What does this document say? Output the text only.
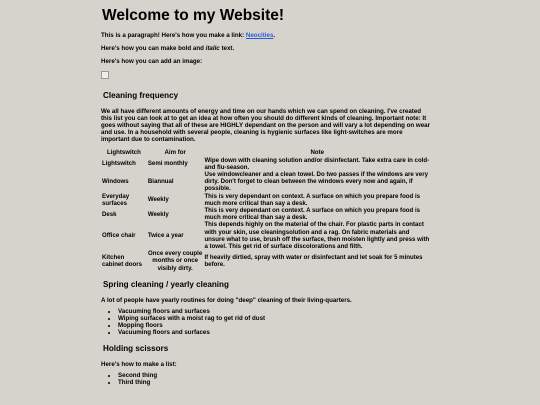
Welcome to my Website!

This is a paragraph! Here's how you make a link: Neocities.

Here's how you can make bold and italic text.

Here's how you can add an image:

Cleaning frequency

We all have different amounts of energy and time on our hands which we can spend on cleaning. I've created this list you can look at to get an idea at how often you should do different kinds of cleaning. Important note: It goes without saying that all of these are HIGHLY dependant on the person and will vary a lot depending on wear and use. In a household with several people, cleaning is hygienic surfaces like light-switches are more important due to contamination.

Lightswitch	Aim for	Note
Lightswitch	Semi monthly	Wipe down with cleaning solution and/or disinfectant. Take extra care in cold- and flu-season.
Windows	Biannual	Use windowcleaner and a clean towel. Do two passes if the windows are very dirty. Don't forget to clean between the windows every now and again, if possible.
Everyday surfaces	Weekly	This is very dependant on context. A surface on which you prepare food is much more critical than say a desk.
Desk	Weekly	This is very dependant on context. A surface on which you prepare food is much more critical than say a desk.
Office chair	Twice a year	This depends highly on the material of the chair. For plastic parts in contact with your skin, use cleaningsolution and a rag. On fabric materials and unsure what to use, brush off the surface, then moisten lightly and press with a towel. This get rid of surface discolorations and filth.
Kitchen cabinet doors	Once every couple months or once visibly dirty.	If heavily dirtied, spray with water or disinfectant and let soak for 5 minutes before.
Spring cleaning / yearly cleaning

A lot of people have yearly routines for doing "deep" cleaning of their living-quarters.

• Vacuuming floors and surfaces
• Wiping surfaces with a moist rag to get rid of dust
• Mopping floors
• Vacuuming floors and surfaces
Holding scissors

Here's how to make a list:

• Second thing
• Third thing
